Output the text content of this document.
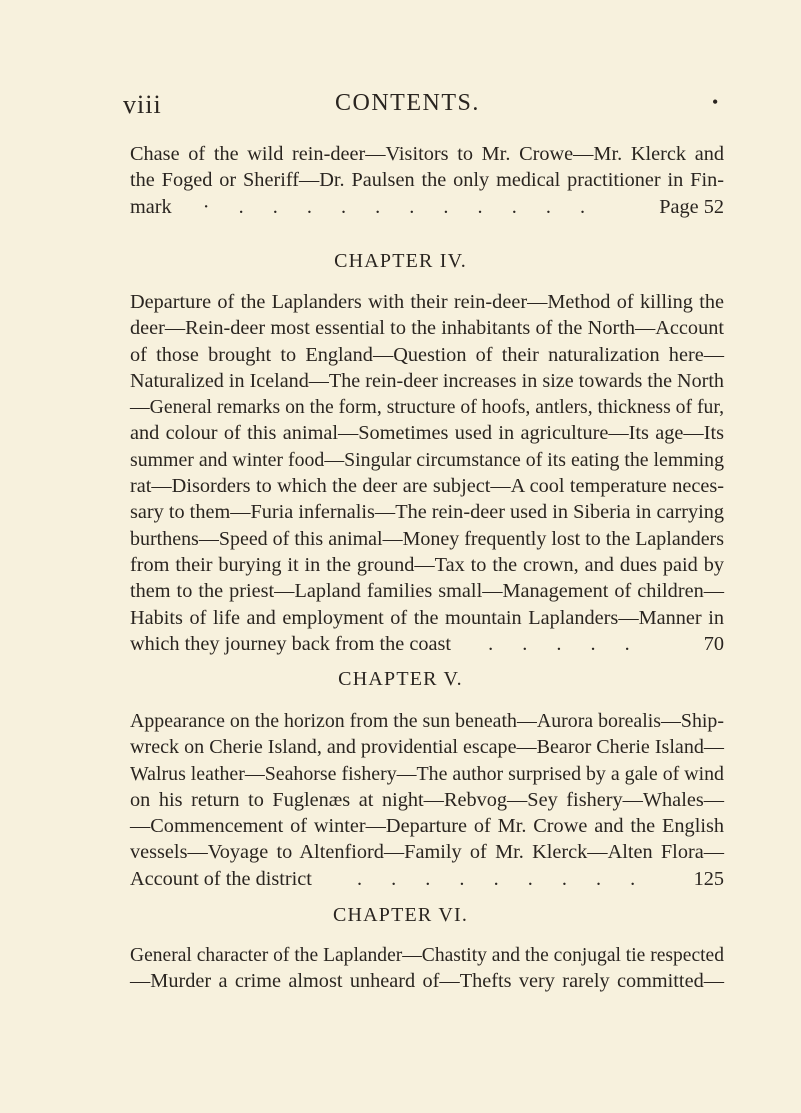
viii	CONTENTS.	•
Chase of the wild rein-deer—Visitors to Mr. Crowe—Mr. Klerck and
the Foged or Sheriff—Dr. Paulsen the only medical practitioner in Fin-
mark · . . . . . . . . . . .	Page 52
CHAPTER IV.
Departure of the Laplanders with their rein-deer—Method of killing the
deer—Rein-deer most essential to the inhabitants of the North—Account
of those brought to England—Question of their naturalization here—
Naturalized in Iceland—The rein-deer increases in size towards the North
—General remarks on the form, structure of hoofs, antlers, thickness of fur,
and colour of this animal—Sometimes used in agriculture—Its age—Its
summer and winter food—Singular circumstance of its eating the lemming
rat—Disorders to which the deer are subject—A cool temperature neces-
sary to them—Furia infernalis—The rein-deer used in Siberia in carrying
burthens—Speed of this animal—Money frequently lost to the Laplanders
from their burying it in the ground—Tax to the crown, and dues paid by
them to the priest—Lapland families small—Management of children—
Habits of life and employment of the mountain Laplanders—Manner in
which they journey back from the coast . . . . .	70
CHAPTER V.
Appearance on the horizon from the sun beneath—Aurora borealis—Ship-
wreck on Cherie Island, and providential escape—Bearor Cherie Island—
Walrus leather—Seahorse fishery—The author surprised by a gale of wind
on his return to Fuglenæs at night—Rebvog—Sey fishery—Whales—
—Commencement of winter—Departure of Mr. Crowe and the English
vessels—Voyage to Altenfiord—Family of Mr. Klerck—Alten Flora—
Account of the district . . . . . . . . . 125
CHAPTER VI.
General character of the Laplander—Chastity and the conjugal tie respected
—Murder a crime almost unheard of—Thefts very rarely committed—
